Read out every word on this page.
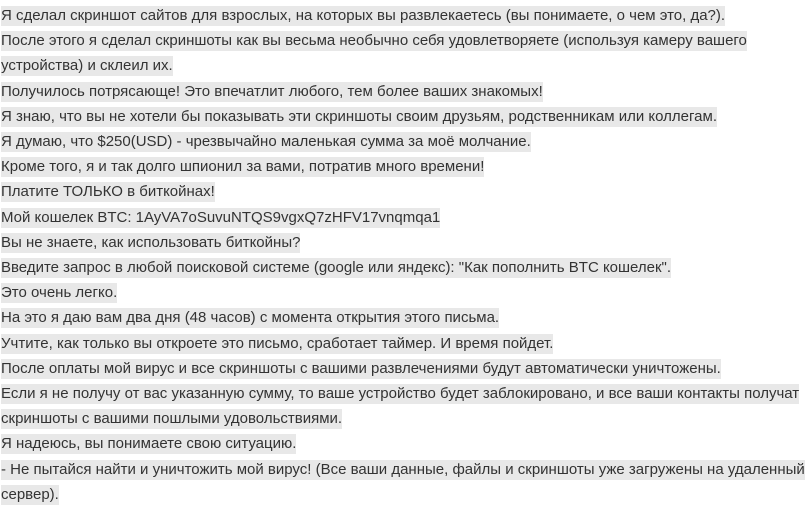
Я сделал скриншот сайтов для взрослых, на которых вы развлекаетесь (вы понимаете, о чем это, да?).
После этого я сделал скриншоты как вы весьма необычно себя удовлетворяете (используя камеру вашего устройства) и склеил их.
Получилось потрясающе! Это впечатлит любого, тем более ваших знакомых!
Я знаю, что вы не хотели бы показывать эти скриншоты своим друзьям, родственникам или коллегам.
Я думаю, что $250(USD) - чрезвычайно маленькая сумма за моё молчание.
Кроме того, я и так долго шпионил за вами, потратив много времени!
Платите ТОЛЬКО в биткойнах!
Мой кошелек BTC: 1AyVA7oSuvuNTQS9vgxQ7zHFV17vnqmqa1
Вы не знаете, как использовать биткойны?
Введите запрос в любой поисковой системе (google или яндекс): "Как пополнить BTC кошелек".
Это очень легко.
На это я даю вам два дня (48 часов) с момента открытия этого письма.
Учтите, как только вы откроете это письмо, сработает таймер. И время пойдет.
После оплаты мой вирус и все скриншоты с вашими развлечениями будут автоматически уничтожены.
Если я не получу от вас указанную сумму, то ваше устройство будет заблокировано, и все ваши контакты получат скриншоты с вашими пошлыми удовольствиями.
Я надеюсь, вы понимаете свою ситуацию.
- Не пытайся найти и уничтожить мой вирус! (Все ваши данные, файлы и скриншоты уже загружены на удаленный сервер).
